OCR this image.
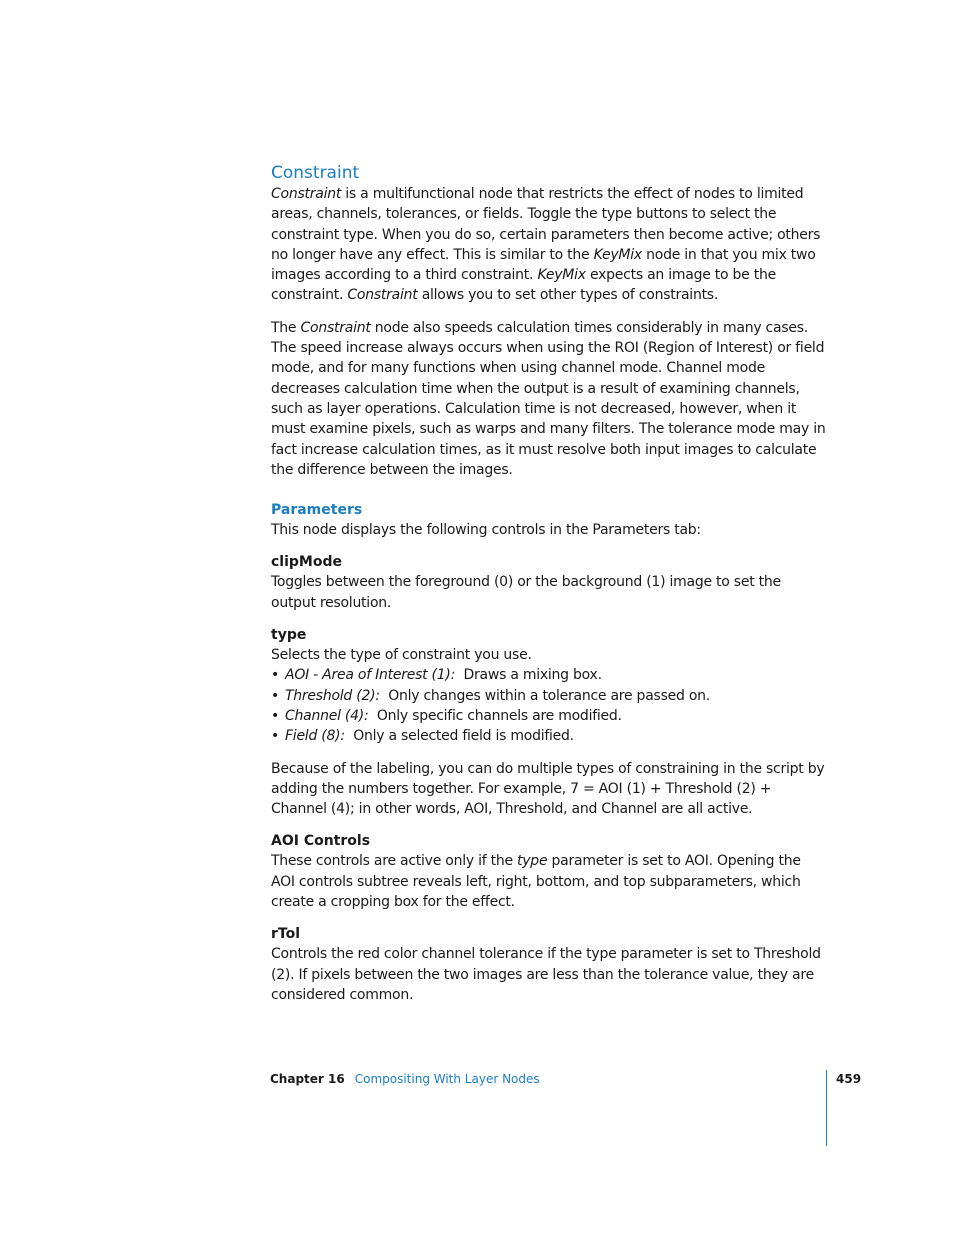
Constraint

Constraint is a multifunctional node that restricts the effect of nodes to limited areas, channels, tolerances, or fields. Toggle the type buttons to select the constraint type. When you do so, certain parameters then become active; others no longer have any effect. This is similar to the KeyMix node in that you mix two images according to a third constraint. KeyMix expects an image to be the constraint. Constraint allows you to set other types of constraints.

The Constraint node also speeds calculation times considerably in many cases. The speed increase always occurs when using the ROI (Region of Interest) or field mode, and for many functions when using channel mode. Channel mode decreases calculation time when the output is a result of examining channels, such as layer operations. Calculation time is not decreased, however, when it must examine pixels, such as warps and many filters. The tolerance mode may in fact increase calculation times, as it must resolve both input images to calculate the difference between the images.

Parameters

This node displays the following controls in the Parameters tab:

clipMode

Toggles between the foreground (0) or the background (1) image to set the output resolution.

type

Selects the type of constraint you use.

• AOI - Area of Interest (1):  Draws a mixing box.
• Threshold (2):  Only changes within a tolerance are passed on.
• Channel (4):  Only specific channels are modified.
• Field (8):  Only a selected field is modified.

Because of the labeling, you can do multiple types of constraining in the script by adding the numbers together. For example, 7 = AOI (1) + Threshold (2) + Channel (4); in other words, AOI, Threshold, and Channel are all active.

AOI Controls

These controls are active only if the type parameter is set to AOI. Opening the AOI controls subtree reveals left, right, bottom, and top subparameters, which create a cropping box for the effect.

rTol

Controls the red color channel tolerance if the type parameter is set to Threshold (2). If pixels between the two images are less than the tolerance value, they are considered common.

Chapter 16 Compositing With Layer Nodes	459
